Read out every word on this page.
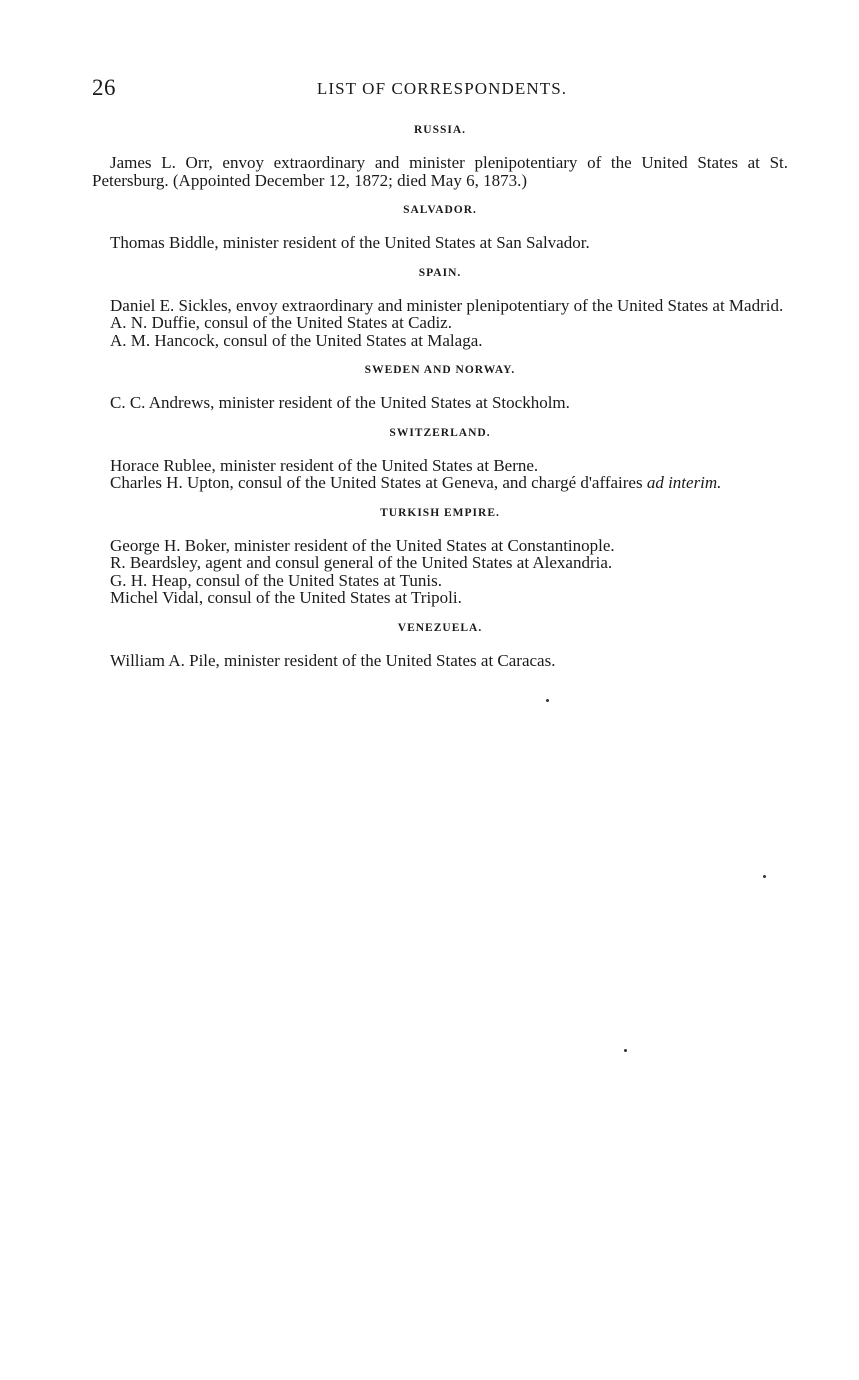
26	LIST OF CORRESPONDENTS.
RUSSIA.

James L. Orr, envoy extraordinary and minister plenipotentiary of the United States at St. Petersburg. (Appointed December 12, 1872; died May 6, 1873.)

SALVADOR.

Thomas Biddle, minister resident of the United States at San Salvador.

SPAIN.

Daniel E. Sickles, envoy extraordinary and minister plenipotentiary of the United States at Madrid.

A. N. Duffie, consul of the United States at Cadiz.

A. M. Hancock, consul of the United States at Malaga.

SWEDEN AND NORWAY.

C. C. Andrews, minister resident of the United States at Stockholm.

SWITZERLAND.

Horace Rublee, minister resident of the United States at Berne.

Charles H. Upton, consul of the United States at Geneva, and chargé d'affaires ad interim.

TURKISH EMPIRE.

George H. Boker, minister resident of the United States at Constantinople.

R. Beardsley, agent and consul general of the United States at Alexandria.

G. H. Heap, consul of the United States at Tunis.

Michel Vidal, consul of the United States at Tripoli.

VENEZUELA.

William A. Pile, minister resident of the United States at Caracas.
